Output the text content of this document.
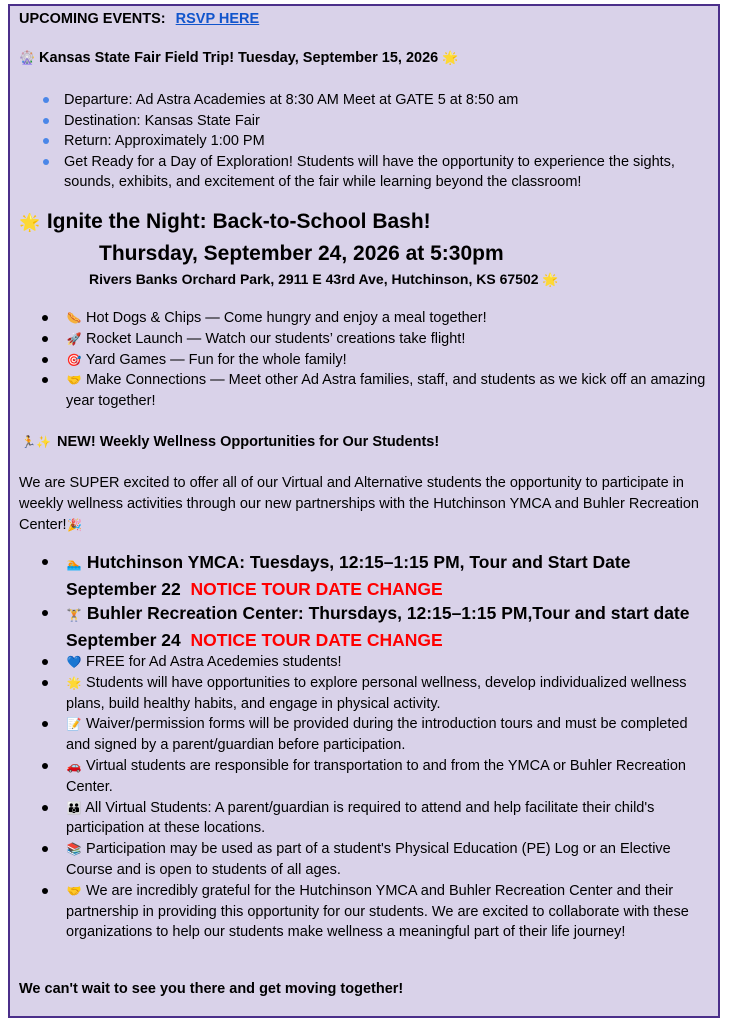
UPCOMING EVENTS: RSVP HERE
🎡 Kansas State Fair Field Trip! Tuesday, September 15, 2026 🌟
Departure: Ad Astra Academies at 8:30 AM Meet at GATE 5 at 8:50 am
Destination: Kansas State Fair
Return: Approximately 1:00 PM
Get Ready for a Day of Exploration! Students will have the opportunity to experience the sights, sounds, exhibits, and excitement of the fair while learning beyond the classroom!
🌟 Ignite the Night: Back-to-School Bash!
Thursday, September 24, 2026 at 5:30pm
Rivers Banks Orchard Park, 2911 E 43rd Ave, Hutchinson, KS 67502 🌟
🌭 Hot Dogs & Chips — Come hungry and enjoy a meal together!
🚀 Rocket Launch — Watch our students’ creations take flight!
🎯 Yard Games — Fun for the whole family!
🤝 Make Connections — Meet other Ad Astra families, staff, and students as we kick off an amazing year together!
🏃✨ NEW! Weekly Wellness Opportunities for Our Students!

We are SUPER excited to offer all of our Virtual and Alternative students the opportunity to participate in weekly wellness activities through our new partnerships with the Hutchinson YMCA and Buhler Recreation Center!🎉

🏊 Hutchinson YMCA: Tuesdays, 12:15–1:15 PM, Tour and Start Date September 22 NOTICE TOUR DATE CHANGE
🏋 Buhler Recreation Center: Thursdays, 12:15–1:15 PM,Tour and start date September 24 NOTICE TOUR DATE CHANGE
💙 FREE for Ad Astra Acedemies students!
🌟 Students will have opportunities to explore personal wellness, develop individualized wellness plans, build healthy habits, and engage in physical activity.
📝 Waiver/permission forms will be provided during the introduction tours and must be completed and signed by a parent/guardian before participation.
🚗 Virtual students are responsible for transportation to and from the YMCA or Buhler Recreation Center.
👪 All Virtual Students: A parent/guardian is required to attend and help facilitate their child's participation at these locations.
📚 Participation may be used as part of a student's Physical Education (PE) Log or an Elective Course and is open to students of all ages.
🤝 We are incredibly grateful for the Hutchinson YMCA and Buhler Recreation Center and their partnership in providing this opportunity for our students. We are excited to collaborate with these organizations to help our students make wellness a meaningful part of their life journey!
We can't wait to see you there and get moving together!
